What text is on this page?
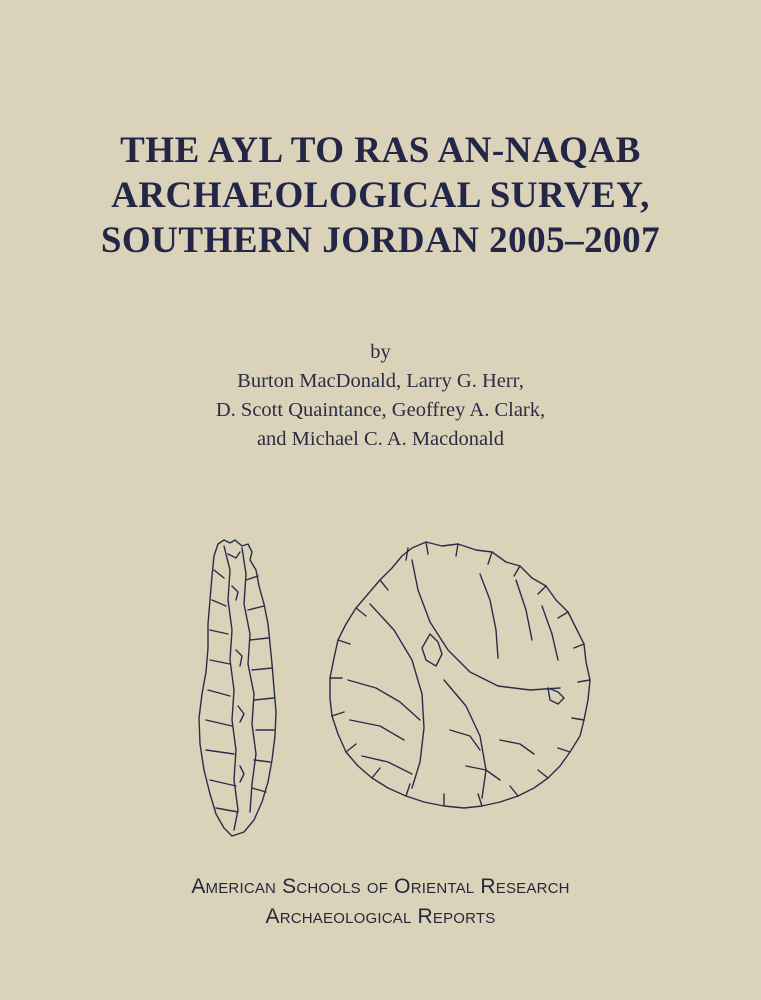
THE AYL TO RAS AN-NAQAB
ARCHAEOLOGICAL SURVEY,
SOUTHERN JORDAN 2005–2007
by
Burton MacDonald, Larry G. Herr,
D. Scott Quaintance, Geoffrey A. Clark,
and Michael C. A. Macdonald
American Schools of Oriental Research
Archaeological Reports
